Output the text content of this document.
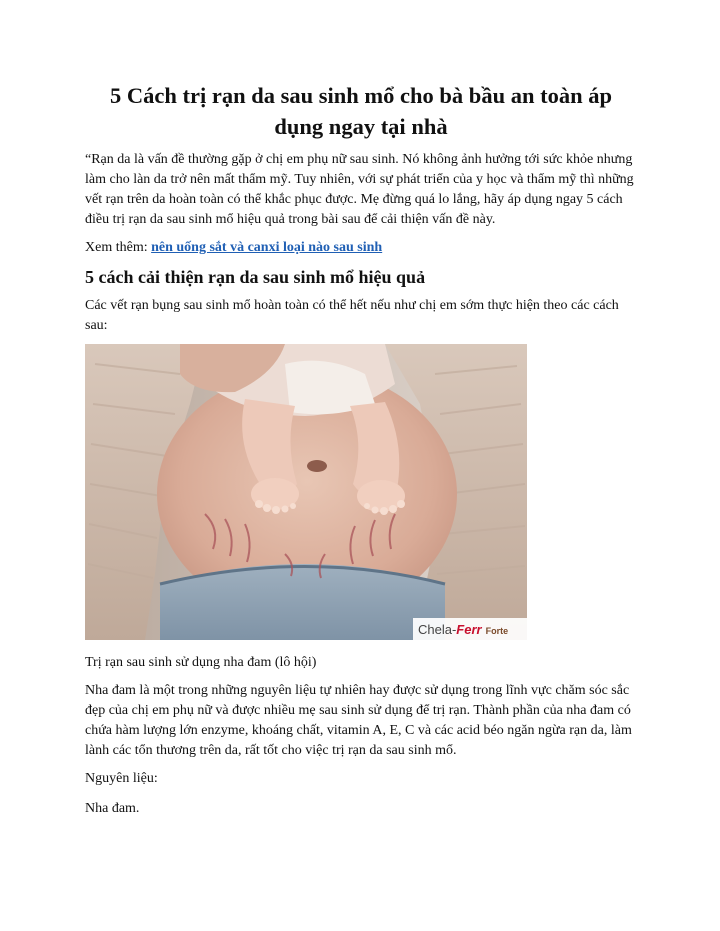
5 Cách trị rạn da sau sinh mổ cho bà bầu an toàn áp dụng ngay tại nhà

“Rạn da là vấn đề thường gặp ở chị em phụ nữ sau sinh. Nó không ảnh hưởng tới sức khỏe nhưng làm cho làn da trở nên mất thẩm mỹ. Tuy nhiên, với sự phát triển của y học và thẩm mỹ thì những vết rạn trên da hoàn toàn có thể khắc phục được. Mẹ đừng quá lo lắng, hãy áp dụng ngay 5 cách điều trị rạn da sau sinh mổ hiệu quả trong bài sau để cải thiện vấn đề này.

Xem thêm: nên uống sắt và canxi loại nào sau sinh

5 cách cải thiện rạn da sau sinh mổ hiệu quả

Các vết rạn bụng sau sinh mổ hoàn toàn có thể hết nếu như chị em sớm thực hiện theo các cách sau:

Chela-Ferr Forte

Trị rạn sau sinh sử dụng nha đam (lô hội)

Nha đam là một trong những nguyên liệu tự nhiên hay được sử dụng trong lĩnh vực chăm sóc sắc đẹp của chị em phụ nữ và được nhiều mẹ sau sinh sử dụng để trị rạn. Thành phần của nha đam có chứa hàm lượng lớn enzyme, khoáng chất, vitamin A, E, C và các acid béo ngăn ngừa rạn da, làm lành các tổn thương trên da, rất tốt cho việc trị rạn da sau sinh mổ.

Nguyên liệu:

Nha đam.
